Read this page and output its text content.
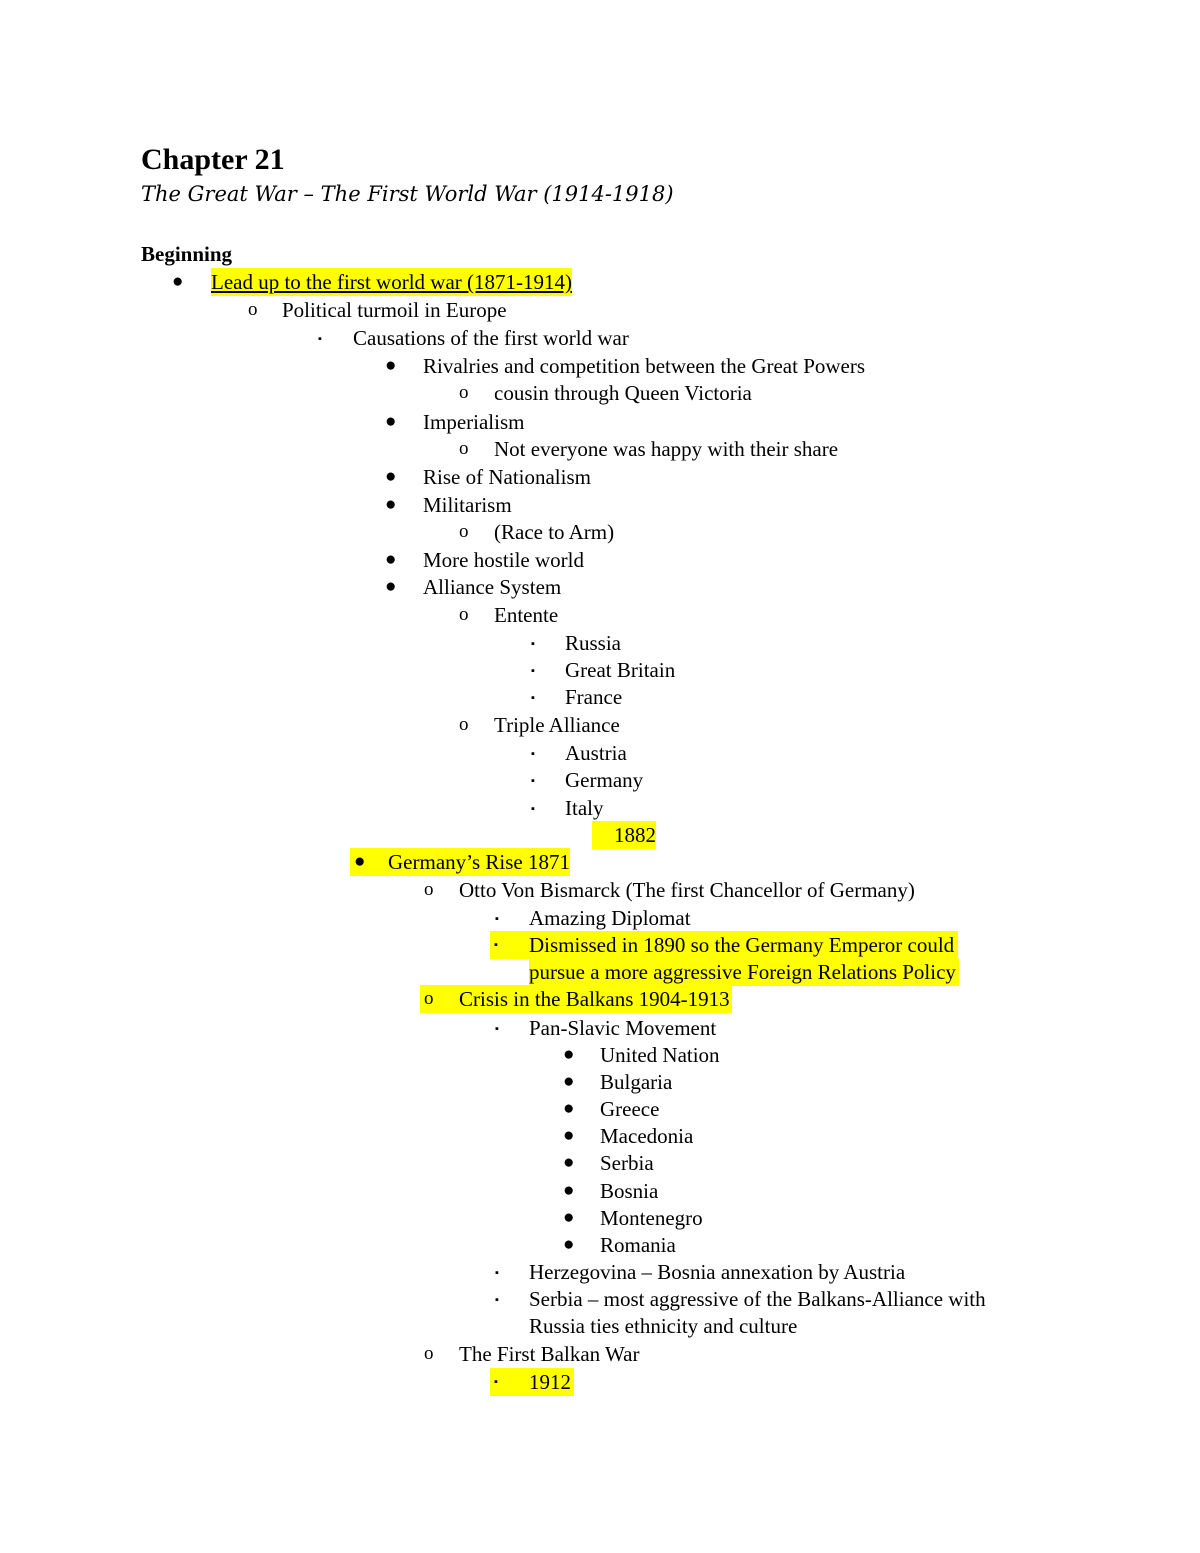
Chapter 21
The Great War – The First World War (1914-1918)
Beginning
●	Lead up to the first world war (1871-1914)
o	Political turmoil in Europe
▪	Causations of the first world war
●	Rivalries and competition between the Great Powers
o	cousin through Queen Victoria
●	Imperialism
o	Not everyone was happy with their share
●	Rise of Nationalism
●	Militarism
o	(Race to Arm)
●	More hostile world
●	Alliance System
o	Entente
▪	Russia
▪	Great Britain
▪	France
o	Triple Alliance
▪	Austria
▪	Germany
▪	Italy
1882
●	Germany’s Rise 1871
o	Otto Von Bismarck (The first Chancellor of Germany)
▪	Amazing Diplomat
▪	Dismissed in 1890 so the Germany Emperor could
pursue a more aggressive Foreign Relations Policy
o	Crisis in the Balkans 1904-1913
▪	Pan-Slavic Movement
●	United Nation
●	Bulgaria
●	Greece
●	Macedonia
●	Serbia
●	Bosnia
●	Montenegro
●	Romania
▪	Herzegovina – Bosnia annexation by Austria
▪	Serbia – most aggressive of the Balkans-Alliance with
Russia ties ethnicity and culture
o	The First Balkan War
▪	1912
